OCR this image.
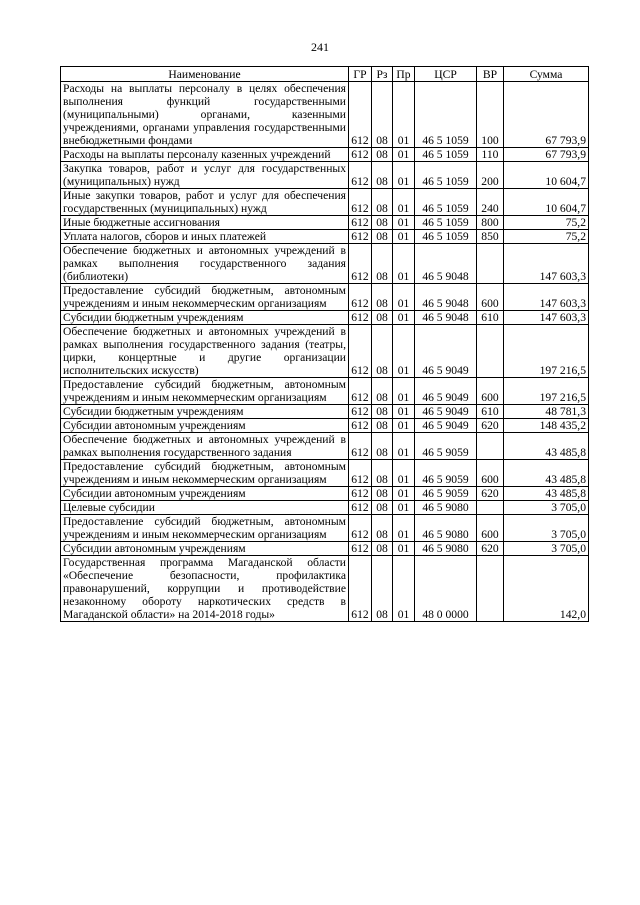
241
Наименование	ГР	Рз	Пр	ЦСР	ВР	Сумма
Расходы на выплаты персоналу в целях обеспечения выполнения функций государственными (муниципальными) органами, казенными учреждениями, органами управления государственными внебюджетными фондами	612	08	01	46 5 1059	100	67 793,9
Расходы на выплаты персоналу казенных учреждений	612	08	01	46 5 1059	110	67 793,9
Закупка товаров, работ и услуг для государственных (муниципальных) нужд	612	08	01	46 5 1059	200	10 604,7
Иные закупки товаров, работ и услуг для обеспечения государственных (муниципальных) нужд	612	08	01	46 5 1059	240	10 604,7
Иные бюджетные ассигнования	612	08	01	46 5 1059	800	75,2
Уплата налогов, сборов и иных платежей	612	08	01	46 5 1059	850	75,2
Обеспечение бюджетных и автономных учреждений в рамках выполнения государственного задания (библиотеки)	612	08	01	46 5 9048		147 603,3
Предоставление субсидий бюджетным, автономным учреждениям и иным некоммерческим организациям	612	08	01	46 5 9048	600	147 603,3
Субсидии бюджетным учреждениям	612	08	01	46 5 9048	610	147 603,3
Обеспечение бюджетных и автономных учреждений в рамках выполнения государственного задания (театры, цирки, концертные и другие организации исполнительских искусств)	612	08	01	46 5 9049		197 216,5
Предоставление субсидий бюджетным, автономным учреждениям и иным некоммерческим организациям	612	08	01	46 5 9049	600	197 216,5
Субсидии бюджетным учреждениям	612	08	01	46 5 9049	610	48 781,3
Субсидии автономным учреждениям	612	08	01	46 5 9049	620	148 435,2
Обеспечение бюджетных и автономных учреждений в рамках выполнения государственного задания	612	08	01	46 5 9059		43 485,8
Предоставление субсидий бюджетным, автономным учреждениям и иным некоммерческим организациям	612	08	01	46 5 9059	600	43 485,8
Субсидии автономным учреждениям	612	08	01	46 5 9059	620	43 485,8
Целевые субсидии	612	08	01	46 5 9080		3 705,0
Предоставление субсидий бюджетным, автономным учреждениям и иным некоммерческим организациям	612	08	01	46 5 9080	600	3 705,0
Субсидии автономным учреждениям	612	08	01	46 5 9080	620	3 705,0
Государственная программа Магаданской области «Обеспечение безопасности, профилактика правонарушений, коррупции и противодействие незаконному обороту наркотических средств в Магаданской области» на 2014-2018 годы»	612	08	01	48 0 0000		142,0
